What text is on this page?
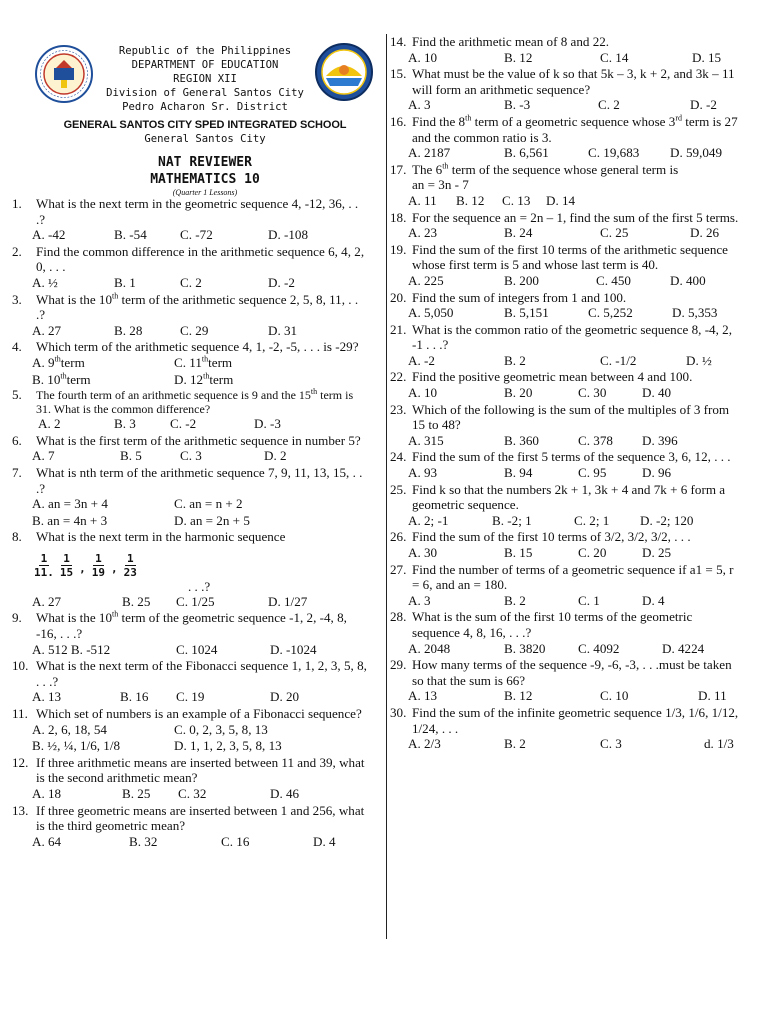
Republic of the Philippines
DEPARTMENT OF EDUCATION
REGION XII
Division of General Santos City
Pedro Acharon Sr. District
GENERAL SANTOS CITY SPED INTEGRATED SCHOOL
General Santos City
NAT REVIEWER
MATHEMATICS 10
(Quarter 1 Lessons)
1.	What is the next term in the geometric sequence 4, -12, 36, . . .?
A. -42	B. -54	C. -72	D. -108
2.	Find the common difference in the arithmetic sequence 6, 4, 2, 0, . . .
A. ½	B. 1	C. 2	D. -2
3.	What is the 10th term of the arithmetic sequence 2, 5, 8, 11, . . .?
A. 27	B. 28	C. 29	D. 31
4.	Which term of the arithmetic sequence 4, 1, -2, -5, . . . is -29?
A. 9thterm	C. 11thterm
B. 10thterm	D. 12thterm
5.	The fourth term of an arithmetic sequence is 9 and the 15th term is 31. What is the common difference?
A. 2	B. 3	C. -2	D. -3
6.	What is the first term of the arithmetic sequence in number 5?
A. 7	B. 5	C. 3	D. 2
7.	What is nth term of the arithmetic sequence 7, 9, 11, 13, 15, . . .?
A. an = 3n + 4	C. an = n + 2
B. an = 4n + 3	D. an = 2n + 5
8.	What is the next term in the harmonic sequence
$\frac{1}{11.} \frac{1}{15}$ , $\frac{1}{19}$ , $\frac{1}{23}$
. . .?
A. 27	B. 25	C. 1/25	D. 1/27
9.	What is the 10th term of the geometric sequence -1, 2, -4, 8, -16, . . .?
A. 512 B. -512	C. 1024	D. -1024
10. What is the next term of the Fibonacci sequence 1, 1, 2, 3, 5, 8, . . .?
A. 13	B. 16	C. 19	D. 20
11. Which set of numbers is an example of a Fibonacci sequence?
A. 2, 6, 18, 54	C. 0, 2, 3, 5, 8, 13
B. ½, ¼, 1/6, 1/8	D. 1, 1, 2, 3, 5, 8, 13
12. If three arithmetic means are inserted between 11 and 39, what is the second arithmetic mean?
A. 18	B. 25	C. 32	D. 46
13. If three geometric means are inserted between 1 and 256, what is the third geometric mean?
A. 64	B. 32	C. 16	D. 4
14. Find the arithmetic mean of 8 and 22.
A. 10	B. 12	C. 14	D. 15
15. What must be the value of k so that 5k – 3, k + 2, and 3k – 11 will form an arithmetic sequence?
A. 3	B. -3	C. 2	D. -2
16. Find the 8th term of a geometric sequence whose 3rd term is 27 and the common ratio is 3.
A. 2187	B. 6,561	C. 19,683	D. 59,049
17. The 6th term of the sequence whose general term is
an = 3n - 7
A. 11	B. 12	C. 13	D. 14
18. For the sequence an = 2n – 1, find the sum of the first 5 terms.
A. 23	B. 24	C. 25	D. 26
19. Find the sum of the first 10 terms of the arithmetic sequence whose first term is 5 and whose last term is 40.
A. 225	B. 200	C. 450	D. 400
20. Find the sum of integers from 1 and 100.
A. 5,050	B. 5,151	C. 5,252	D. 5,353
21. What is the common ratio of the geometric sequence 8, -4, 2, -1 . . .?
A. -2	B. 2	C. -1/2	D. ½
22. Find the positive geometric mean between 4 and 100.
A. 10	B. 20	C. 30	D. 40
23. Which of the following is the sum of the multiples of 3 from 15 to 48?
A. 315	B. 360	C. 378	D. 396
24. Find the sum of the first 5 terms of the sequence 3, 6, 12, . . .
A. 93	B. 94	C. 95	D. 96
25. Find k so that the numbers 2k + 1, 3k + 4 and 7k + 6 form a geometric sequence.
A. 2; -1	B. -2; 1	C. 2; 1	D. -2; 120
26. Find the sum of the first 10 terms of 3/2, 3/2, 3/2, . . .
A. 30	B. 15	C. 20	D. 25
27. Find the number of terms of a geometric sequence if a1 = 5, r = 6, and an = 180.
A. 3	B. 2	C. 1	D. 4
28. What is the sum of the first 10 terms of the geometric sequence 4, 8, 16, . . .?
A. 2048	B. 3820	C. 4092	D. 4224
29. How many terms of the sequence -9, -6, -3, . . .must be taken so that the sum is 66?
A. 13	B. 12	C. 10	D. 11
30. Find the sum of the infinite geometric sequence 1/3, 1/6, 1/12, 1/24, . . .
A. 2/3	B. 2	C. 3	d. 1/3
